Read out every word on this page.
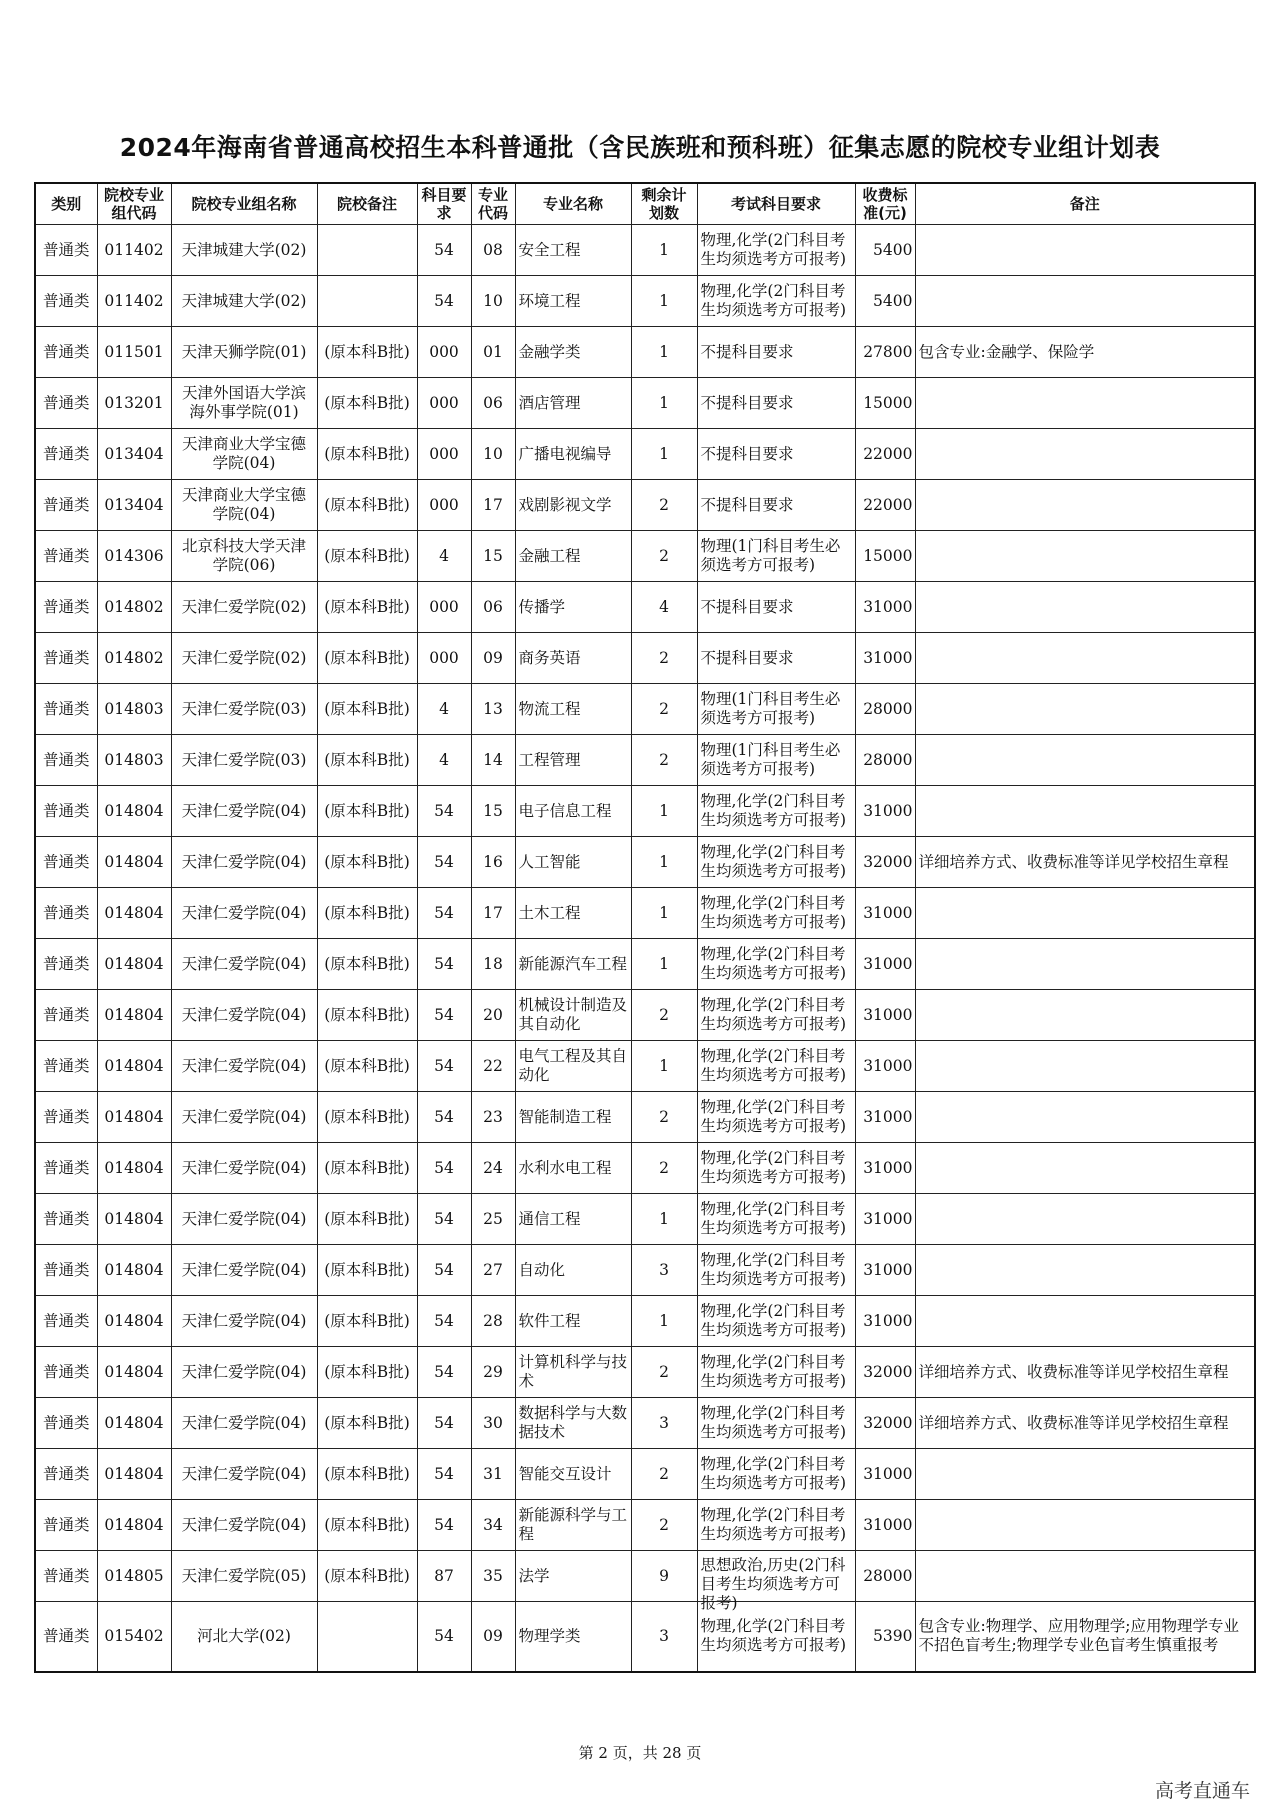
2024年海南省普通高校招生本科普通批（含民族班和预科班）征集志愿的院校专业组计划表
类别	院校专业组代码	院校专业组名称	院校备注	科目要求	专业代码	专业名称	剩余计划数	考试科目要求	收费标准(元)	备注

普通类	011402	天津城建大学(02)		54	08	安全工程	1	物理,化学(2门科目考生均须选考方可报考)	5400	

普通类	011402	天津城建大学(02)		54	10	环境工程	1	物理,化学(2门科目考生均须选考方可报考)	5400	

普通类	011501	天津天狮学院(01)	(原本科B批)	000	01	金融学类	1	不提科目要求	27800	包含专业:金融学、保险学

普通类	013201	天津外国语大学滨海外事学院(01)	(原本科B批)	000	06	酒店管理	1	不提科目要求	15000	

普通类	013404	天津商业大学宝德学院(04)	(原本科B批)	000	10	广播电视编导	1	不提科目要求	22000	

普通类	013404	天津商业大学宝德学院(04)	(原本科B批)	000	17	戏剧影视文学	2	不提科目要求	22000	

普通类	014306	北京科技大学天津学院(06)	(原本科B批)	4	15	金融工程	2	物理(1门科目考生必须选考方可报考)	15000	

普通类	014802	天津仁爱学院(02)	(原本科B批)	000	06	传播学	4	不提科目要求	31000	

普通类	014802	天津仁爱学院(02)	(原本科B批)	000	09	商务英语	2	不提科目要求	31000	

普通类	014803	天津仁爱学院(03)	(原本科B批)	4	13	物流工程	2	物理(1门科目考生必须选考方可报考)	28000	

普通类	014803	天津仁爱学院(03)	(原本科B批)	4	14	工程管理	2	物理(1门科目考生必须选考方可报考)	28000	

普通类	014804	天津仁爱学院(04)	(原本科B批)	54	15	电子信息工程	1	物理,化学(2门科目考生均须选考方可报考)	31000	

普通类	014804	天津仁爱学院(04)	(原本科B批)	54	16	人工智能	1	物理,化学(2门科目考生均须选考方可报考)	32000	详细培养方式、收费标准等详见学校招生章程

普通类	014804	天津仁爱学院(04)	(原本科B批)	54	17	土木工程	1	物理,化学(2门科目考生均须选考方可报考)	31000	

普通类	014804	天津仁爱学院(04)	(原本科B批)	54	18	新能源汽车工程	1	物理,化学(2门科目考生均须选考方可报考)	31000	

普通类	014804	天津仁爱学院(04)	(原本科B批)	54	20	机械设计制造及其自动化	2	物理,化学(2门科目考生均须选考方可报考)	31000	

普通类	014804	天津仁爱学院(04)	(原本科B批)	54	22	电气工程及其自动化	1	物理,化学(2门科目考生均须选考方可报考)	31000	

普通类	014804	天津仁爱学院(04)	(原本科B批)	54	23	智能制造工程	2	物理,化学(2门科目考生均须选考方可报考)	31000	

普通类	014804	天津仁爱学院(04)	(原本科B批)	54	24	水利水电工程	2	物理,化学(2门科目考生均须选考方可报考)	31000	

普通类	014804	天津仁爱学院(04)	(原本科B批)	54	25	通信工程	1	物理,化学(2门科目考生均须选考方可报考)	31000	

普通类	014804	天津仁爱学院(04)	(原本科B批)	54	27	自动化	3	物理,化学(2门科目考生均须选考方可报考)	31000	

普通类	014804	天津仁爱学院(04)	(原本科B批)	54	28	软件工程	1	物理,化学(2门科目考生均须选考方可报考)	31000	

普通类	014804	天津仁爱学院(04)	(原本科B批)	54	29	计算机科学与技术	2	物理,化学(2门科目考生均须选考方可报考)	32000	详细培养方式、收费标准等详见学校招生章程

普通类	014804	天津仁爱学院(04)	(原本科B批)	54	30	数据科学与大数据技术	3	物理,化学(2门科目考生均须选考方可报考)	32000	详细培养方式、收费标准等详见学校招生章程

普通类	014804	天津仁爱学院(04)	(原本科B批)	54	31	智能交互设计	2	物理,化学(2门科目考生均须选考方可报考)	31000	

普通类	014804	天津仁爱学院(04)	(原本科B批)	54	34	新能源科学与工程	2	物理,化学(2门科目考生均须选考方可报考)	31000	

普通类	014805	天津仁爱学院(05)	(原本科B批)	87	35	法学	9	思想政治,历史(2门科目考生均须选考方可报考)	28000	

普通类	015402	河北大学(02)		54	09	物理学类	3	物理,化学(2门科目考生均须选考方可报考)	5390	包含专业:物理学、应用物理学;应用物理学专业不招色盲考生;物理学专业色盲考生慎重报考
第 2 页，共 28 页
高考直通车
